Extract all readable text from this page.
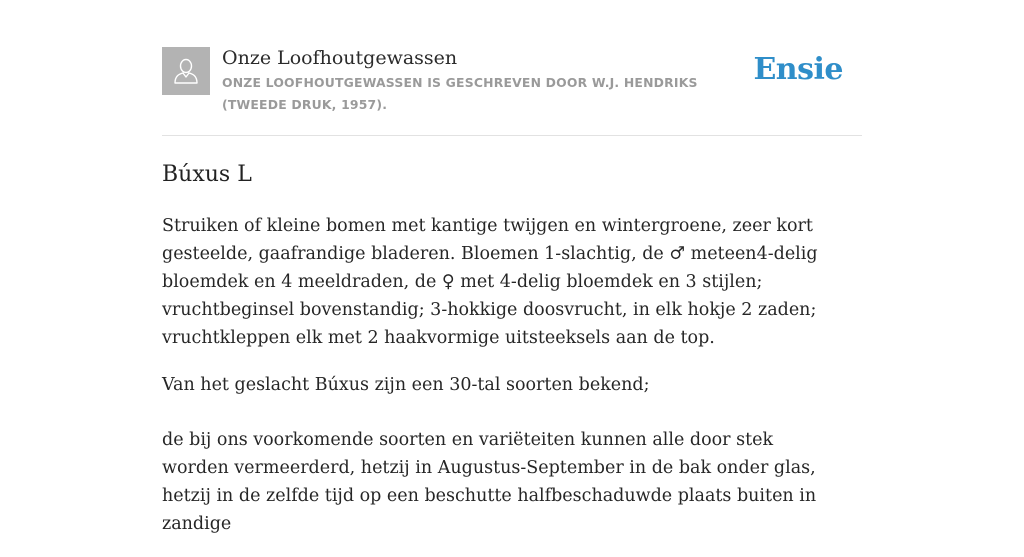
Onze Loofhoutgewassen
ONZE LOOFHOUTGEWASSEN IS GESCHREVEN DOOR W.J. HENDRIKS (TWEEDE DRUK, 1957).
Ensie
Búxus L

Struiken of kleine bomen met kantige twijgen en wintergroene, zeer kort gesteelde, gaafrandige bladeren. Bloemen 1-slachtig, de ♂ meteen4-delig bloemdek en 4 meeldraden, de ♀ met 4-delig bloemdek en 3 stijlen; vruchtbeginsel bovenstandig; 3-hokkige doosvrucht, in elk hokje 2 zaden; vruchtkleppen elk met 2 haakvormige uitsteeksels aan de top.

Van het geslacht Búxus zijn een 30-tal soorten bekend;

de bij ons voorkomende soorten en variëteiten kunnen alle door stek worden vermeerderd, hetzij in Augustus-September in de bak onder glas, hetzij in de zelfde tijd op een beschutte halfbeschaduwde plaats buiten in zandige
